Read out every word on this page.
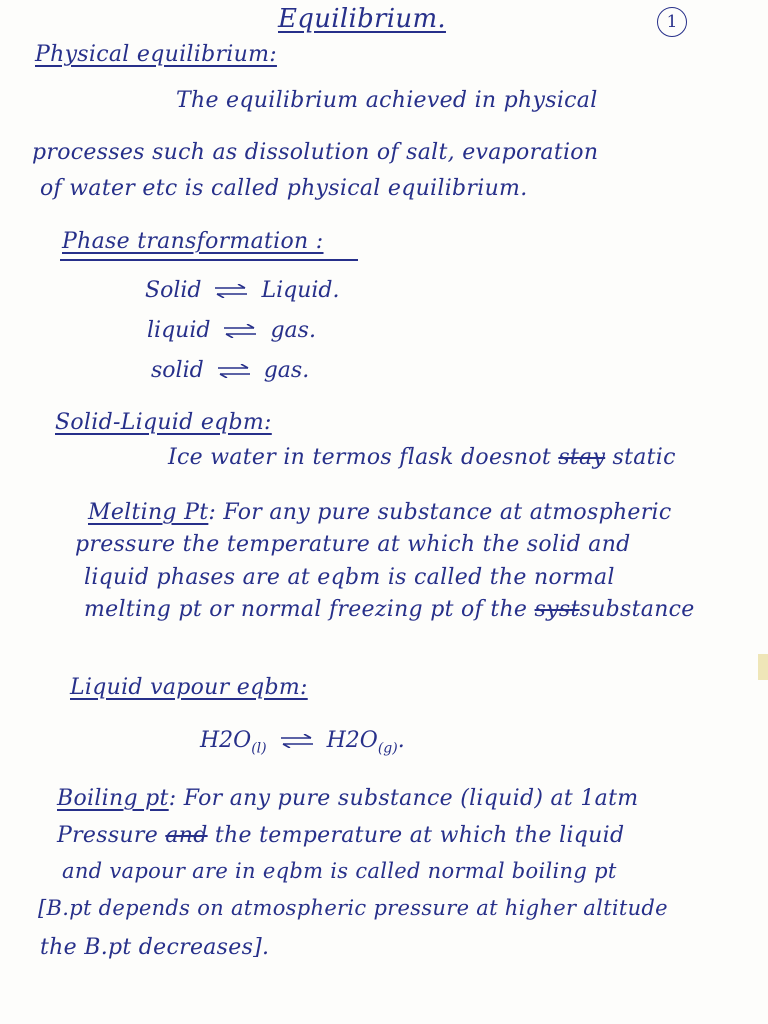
Equilibrium.	1
Physical equilibrium:
The equilibrium achieved in physical
processes such as dissolution of salt, evaporation
of water etc is called physical equilibrium.
Phase transformation :
Solid ⇌ Liquid.
liquid ⇌ gas.
solid ⇌ gas.
Solid-Liquid eqbm:
Ice water in termos flask doesnot stay static
Melting Pt: For any pure substance at atmospheric
pressure the temperature at which the solid and
liquid phases are at eqbm is called the normal
melting pt or normal freezing pt of the systsubstance
Liquid vapour eqbm:
$H2O_{(l)}$ ⇌ $H2O_{(g)}$.
Boiling pt: For any pure substance (liquid) at 1atm
Pressure and the temperature at which the liquid
and vapour are in eqbm is called normal boiling pt
[B.pt depends on atmospheric pressure at higher altitude
the B.pt decreases].
